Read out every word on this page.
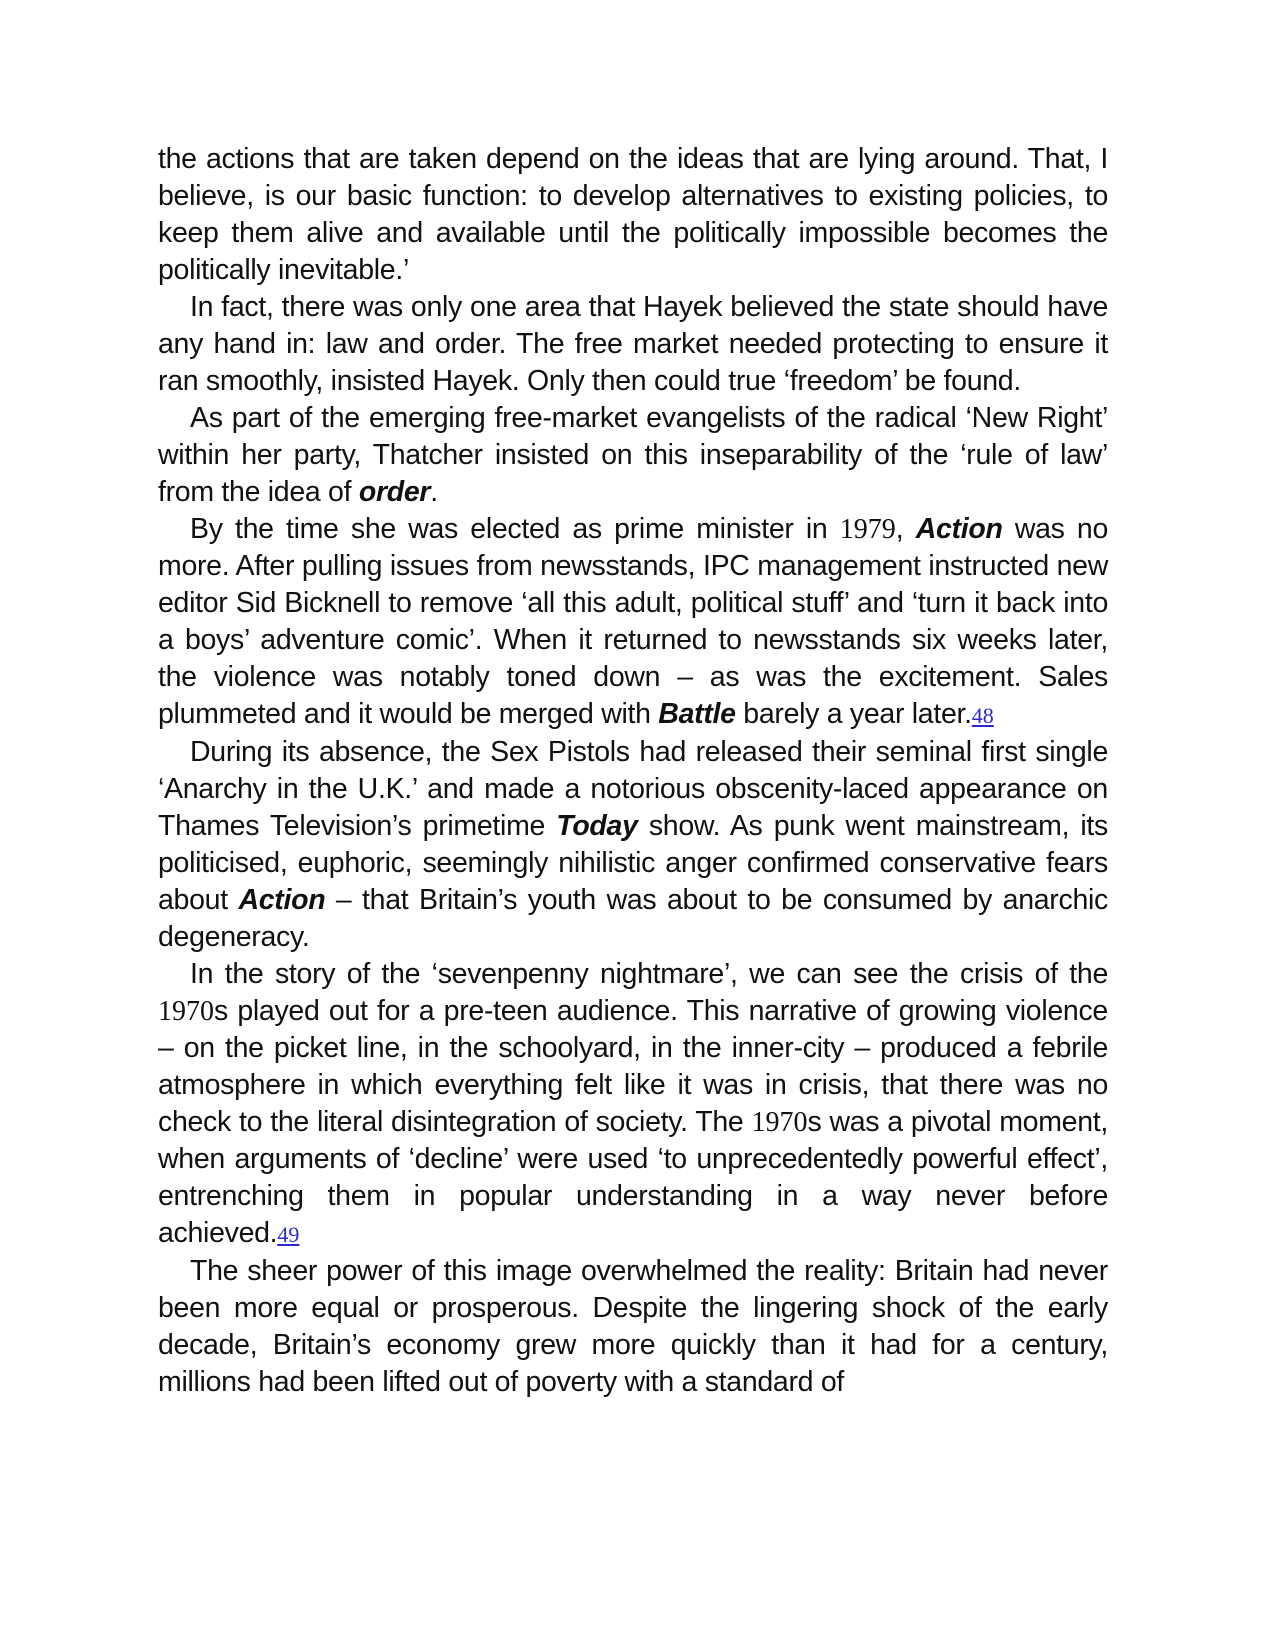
the actions that are taken depend on the ideas that are lying around. That, I believe, is our basic function: to develop alternatives to existing policies, to keep them alive and available until the politically impossible becomes the politically inevitable.’

In fact, there was only one area that Hayek believed the state should have any hand in: law and order. The free market needed protecting to ensure it ran smoothly, insisted Hayek. Only then could true ‘freedom’ be found.

As part of the emerging free-market evangelists of the radical ‘New Right’ within her party, Thatcher insisted on this inseparability of the ‘rule of law’ from the idea of order.

By the time she was elected as prime minister in 1979, Action was no more. After pulling issues from newsstands, IPC management instructed new editor Sid Bicknell to remove ‘all this adult, political stuff’ and ‘turn it back into a boys’ adventure comic’. When it returned to newsstands six weeks later, the violence was notably toned down – as was the excitement. Sales plummeted and it would be merged with Battle barely a year later.48

During its absence, the Sex Pistols had released their seminal first single ‘Anarchy in the U.K.’ and made a notorious obscenity-laced appearance on Thames Television’s primetime Today show. As punk went mainstream, its politicised, euphoric, seemingly nihilistic anger confirmed conservative fears about Action – that Britain’s youth was about to be consumed by anarchic degeneracy.

In the story of the ‘sevenpenny nightmare’, we can see the crisis of the 1970s played out for a pre-teen audience. This narrative of growing violence – on the picket line, in the schoolyard, in the inner-city – produced a febrile atmosphere in which everything felt like it was in crisis, that there was no check to the literal disintegration of society. The 1970s was a pivotal moment, when arguments of ‘decline’ were used ‘to unprecedentedly powerful effect’, entrenching them in popular understanding in a way never before achieved.49

The sheer power of this image overwhelmed the reality: Britain had never been more equal or prosperous. Despite the lingering shock of the early decade, Britain’s economy grew more quickly than it had for a century, millions had been lifted out of poverty with a standard of
